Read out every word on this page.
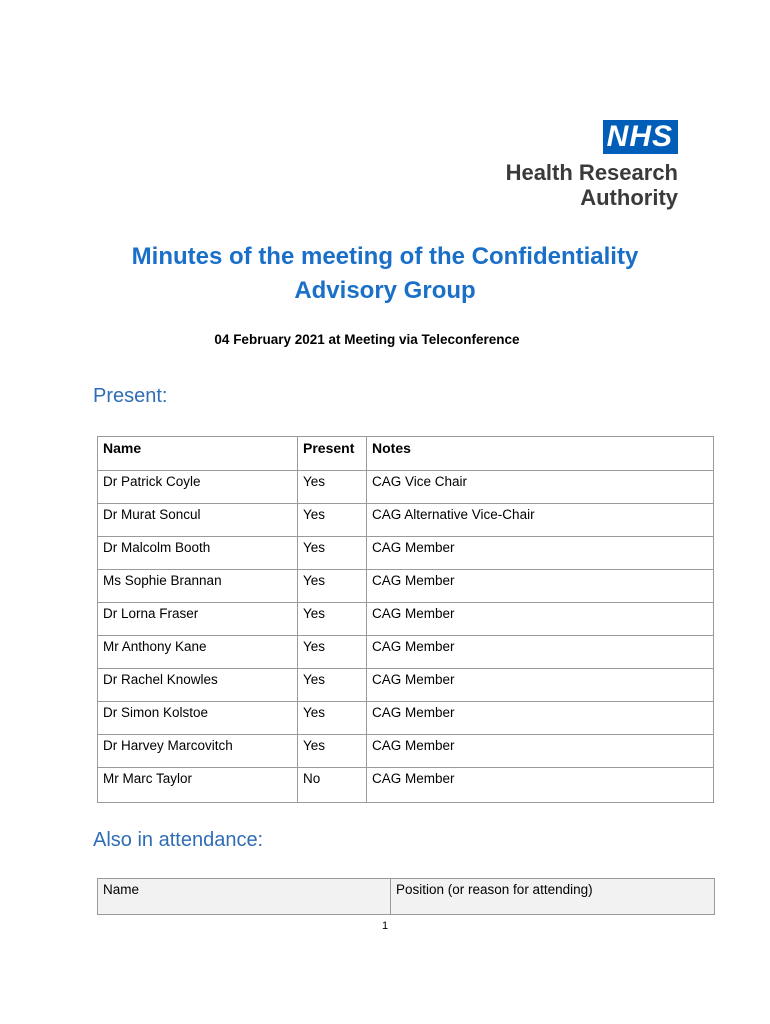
NHS
Health Research
Authority
Minutes of the meeting of the Confidentiality
Advisory Group
04 February 2021 at Meeting via Teleconference
Present:
Name	Present	Notes
Dr Patrick Coyle	Yes	CAG Vice Chair
Dr Murat Soncul	Yes	CAG Alternative Vice-Chair
Dr Malcolm Booth	Yes	CAG Member
Ms Sophie Brannan	Yes	CAG Member
Dr Lorna Fraser	Yes	CAG Member
Mr Anthony Kane	Yes	CAG Member
Dr Rachel Knowles	Yes	CAG Member
Dr Simon Kolstoe	Yes	CAG Member
Dr Harvey Marcovitch	Yes	CAG Member
Mr Marc Taylor	No	CAG Member
Also in attendance:
Name	Position (or reason for attending)
1
